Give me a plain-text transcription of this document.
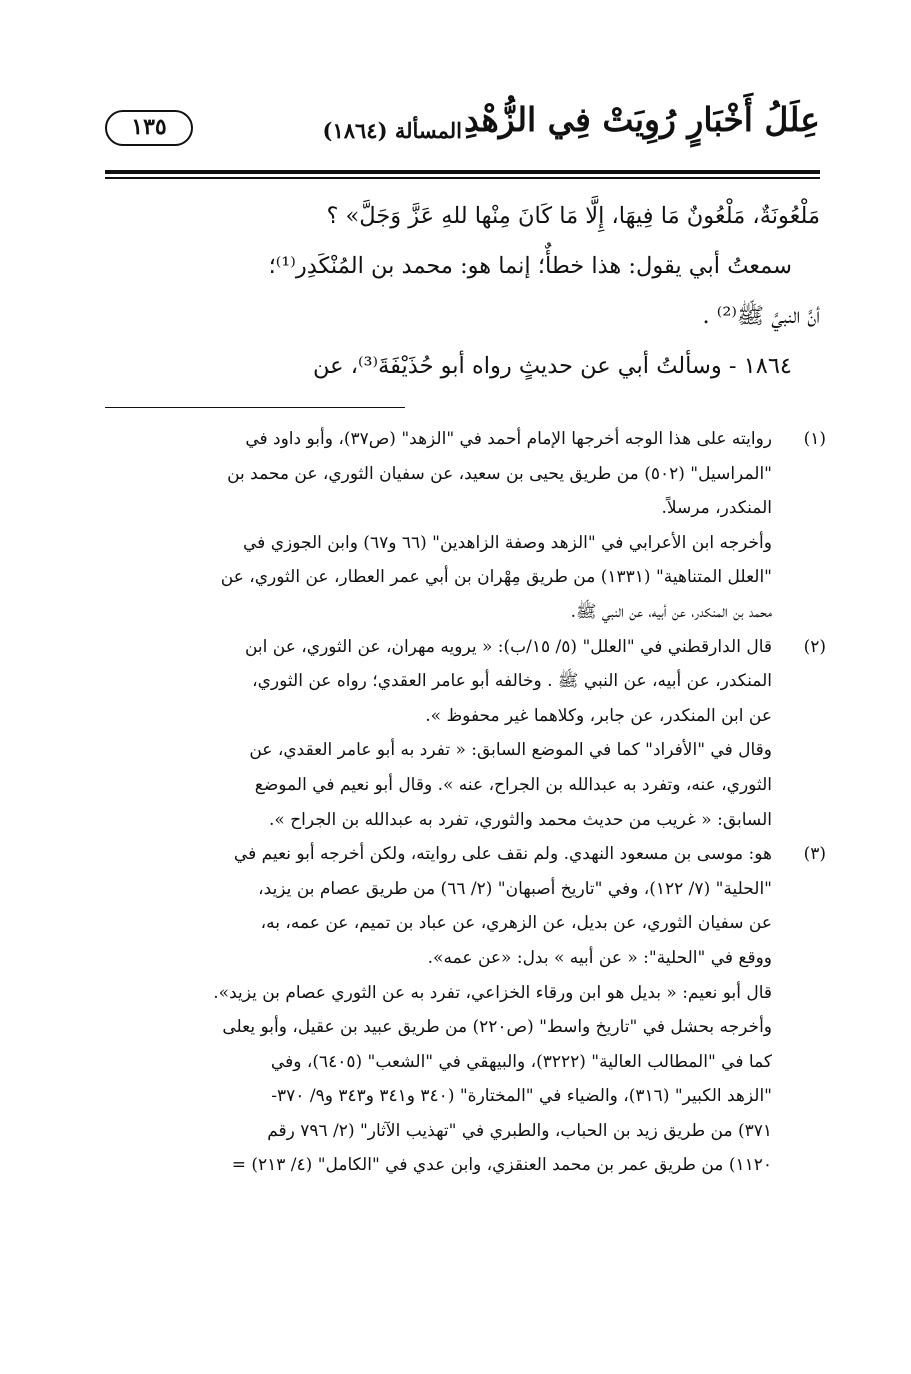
عِلَلُ أَخْبَارٍ رُوِيَتْ فِي الزُّهْدِ
المسألة (١٨٦٤)
١٣٥

مَلْعُونَةٌ، مَلْعُونٌ مَا فِيهَا، إِلَّا مَا كَانَ مِنْها للهِ عَزَّ وَجَلَّ» ؟

سمعتُ أبي يقول: هذا خطأٌ؛ إنما هو: محمد بن المُنْكَدِر⁽¹⁾؛

أنَّ النبيَّ ﷺ⁽²⁾ .

١٨٦٤ - وسألتُ أبي عن حديثٍ رواه أبو حُذَيْفَةَ⁽³⁾، عن

(١)

روايته على هذا الوجه أخرجها الإمام أحمد في "الزهد" (ص٣٧)، وأبو داود في

"المراسيل" (٥٠٢) من طريق يحيى بن سعيد، عن سفيان الثوري، عن محمد بن

المنكدر، مرسلاً.

وأخرجه ابن الأعرابي في "الزهد وصفة الزاهدين" (٦٦ و٦٧) وابن الجوزي في

"العلل المتناهية" (١٣٣١) من طريق مِهْران بن أبي عمر العطار، عن الثوري، عن

محمد بن المنكدر، عن أبيه، عن النبي ﷺ.

(٢)

قال الدارقطني في "العلل" (٥/ ١٥/ب): « يرويه مهران، عن الثوري، عن ابن

المنكدر، عن أبيه، عن النبي ﷺ . وخالفه أبو عامر العقدي؛ رواه عن الثوري،

عن ابن المنكدر، عن جابر، وكلاهما غير محفوظ ».

وقال في "الأفراد" كما في الموضع السابق: « تفرد به أبو عامر العقدي، عن

الثوري، عنه، وتفرد به عبدالله بن الجراح، عنه ». وقال أبو نعيم في الموضع

السابق: « غريب من حديث محمد والثوري، تفرد به عبدالله بن الجراح ».

(٣)

هو: موسى بن مسعود النهدي. ولم نقف على روايته، ولكن أخرجه أبو نعيم في

"الحلية" (٧/ ١٢٢)، وفي "تاريخ أصبهان" (٢/ ٦٦) من طريق عصام بن يزيد،

عن سفيان الثوري، عن بديل، عن الزهري، عن عباد بن تميم، عن عمه، به،

ووقع في "الحلية": « عن أبيه » بدل: «عن عمه».

قال أبو نعيم: « بديل هو ابن ورقاء الخزاعي، تفرد به عن الثوري عصام بن يزيد».

وأخرجه بحشل في "تاريخ واسط" (ص٢٢٠) من طريق عبيد بن عقيل، وأبو يعلى

كما في "المطالب العالية" (٣٢٢٢)، والبيهقي في "الشعب" (٦٤٠٥)، وفي

"الزهد الكبير" (٣١٦)، والضياء في "المختارة" (٣٤٠ و٣٤١ و٣٤٣ و٩/ ٣٧٠-

٣٧١) من طريق زيد بن الحباب، والطبري في "تهذيب الآثار" (٢/ ٧٩٦ رقم

١١٢٠) من طريق عمر بن محمد العنقزي، وابن عدي في "الكامل" (٤/ ٢١٣) =
